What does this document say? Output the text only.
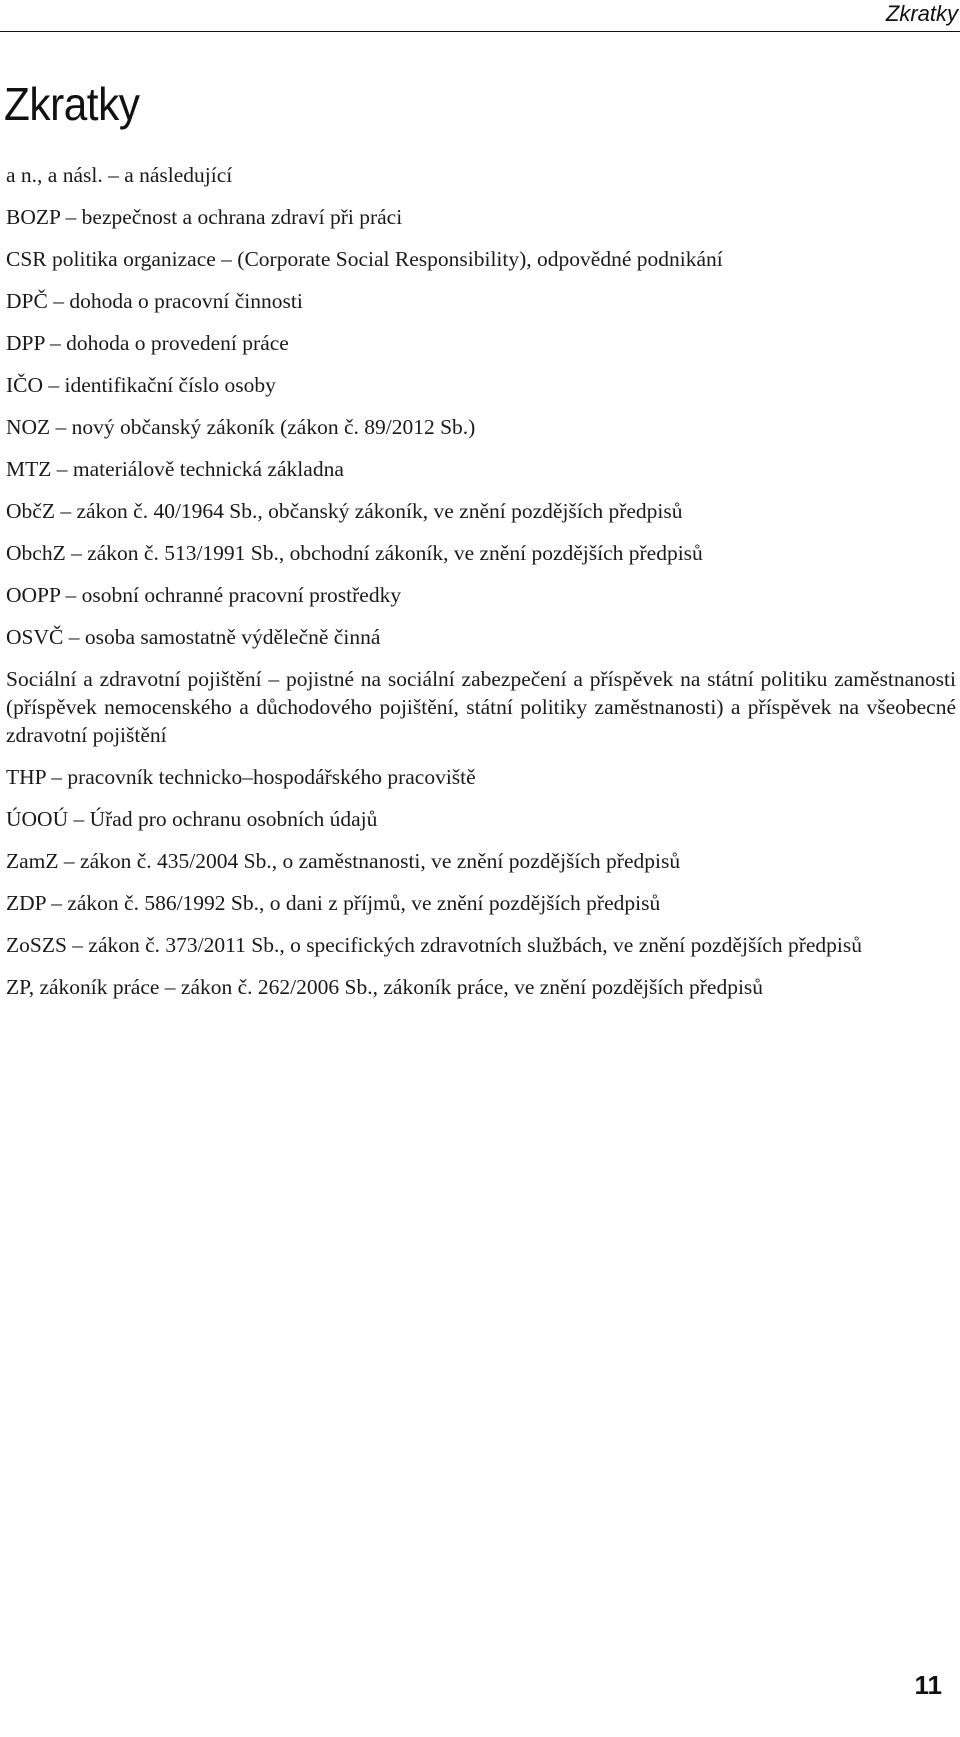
Zkratky
Zkratky
a n., a násl. – a následující
BOZP – bezpečnost a ochrana zdraví při práci
CSR politika organizace – (Corporate Social Responsibility), odpovědné podnikání
DPČ – dohoda o pracovní činnosti
DPP – dohoda o provedení práce
IČO – identifikační číslo osoby
NOZ – nový občanský zákoník (zákon č. 89/2012 Sb.)
MTZ – materiálově technická základna
ObčZ – zákon č. 40/1964 Sb., občanský zákoník, ve znění pozdějších předpisů
ObchZ – zákon č. 513/1991 Sb., obchodní zákoník, ve znění pozdějších předpisů
OOPP – osobní ochranné pracovní prostředky
OSVČ – osoba samostatně výdělečně činná
Sociální a zdravotní pojištění – pojistné na sociální zabezpečení a příspěvek na státní politiku zaměstnanosti (příspěvek nemocenského a důchodového pojištění, státní politiky zaměstnanosti) a příspěvek na všeobecné zdravotní pojištění
THP – pracovník technicko–hospodářského pracoviště
ÚOOÚ – Úřad pro ochranu osobních údajů
ZamZ – zákon č. 435/2004 Sb., o zaměstnanosti, ve znění pozdějších předpisů
ZDP – zákon č. 586/1992 Sb., o dani z příjmů, ve znění pozdějších předpisů
ZoSZS – zákon č. 373/2011 Sb., o specifických zdravotních službách, ve znění pozdějších předpisů
ZP, zákoník práce – zákon č. 262/2006 Sb., zákoník práce, ve znění pozdějších předpisů
11
